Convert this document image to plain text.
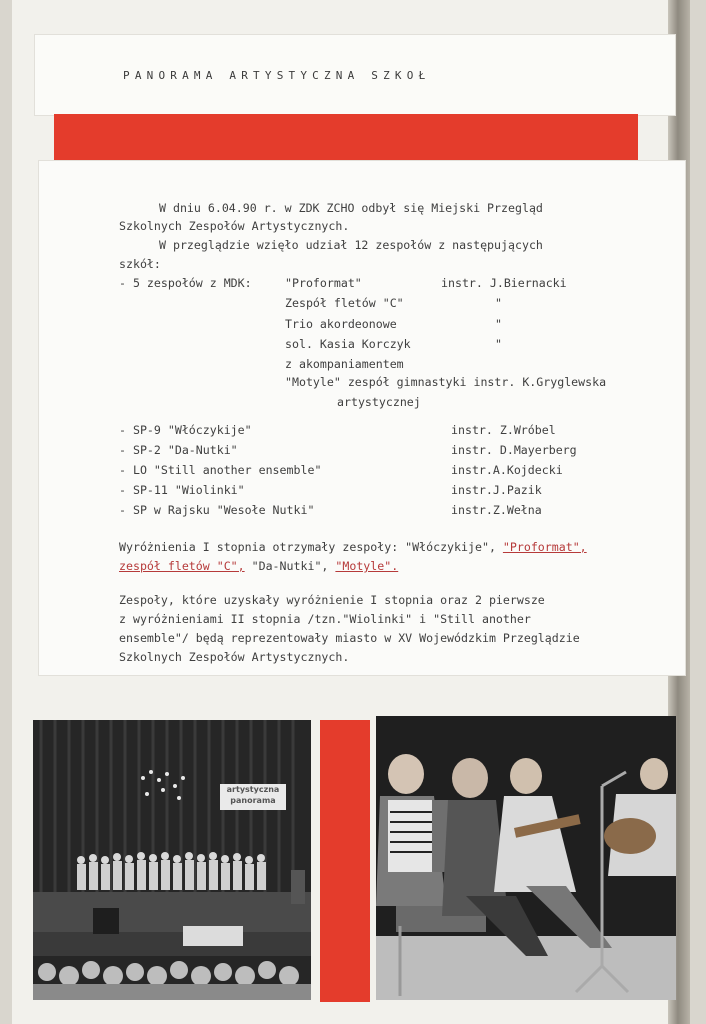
PANORAMA ARTYSTYCZNA SZKOŁ
W dniu 6.04.90 r. w ZDK ZCHO odbył się Miejski Przegląd
Szkolnych Zespołów Artystycznych.
W przeglądzie wzięło udział 12 zespołów z następujących
szkół:
- 5 zespołów z MDK:	"Proformat"	instr. J.Biernacki
Zespół fletów "C"	"
Trio akordeonowe	"
sol. Kasia Korczyk	"
z akompaniamentem
"Motyle" zespół gimnastyki instr. K.Gryglewska
artystycznej
- SP-9 "Włóczykije"	instr. Z.Wróbel
- SP-2 "Da-Nutki"	instr. D.Mayerberg
- LO "Still another ensemble"	instr.A.Kojdecki
- SP-11 "Wiolinki"	instr.J.Pazik
- SP w Rajsku "Wesołe Nutki"	instr.Z.Wełna
Wyróżnienia I stopnia otrzymały zespoły: "Włóczykije", "Proformat",
zespół fletów "C", "Da-Nutki", "Motyle".
Zespoły, które uzyskały wyróżnienie I stopnia oraz 2 pierwsze
z wyróżnieniami II stopnia /tzn."Wiolinki" i "Still another
ensemble"/ będą reprezentowały miasto w XV Wojewódzkim Przeglądzie
Szkolnych Zespołów Artystycznych.
artystyczna
panorama
